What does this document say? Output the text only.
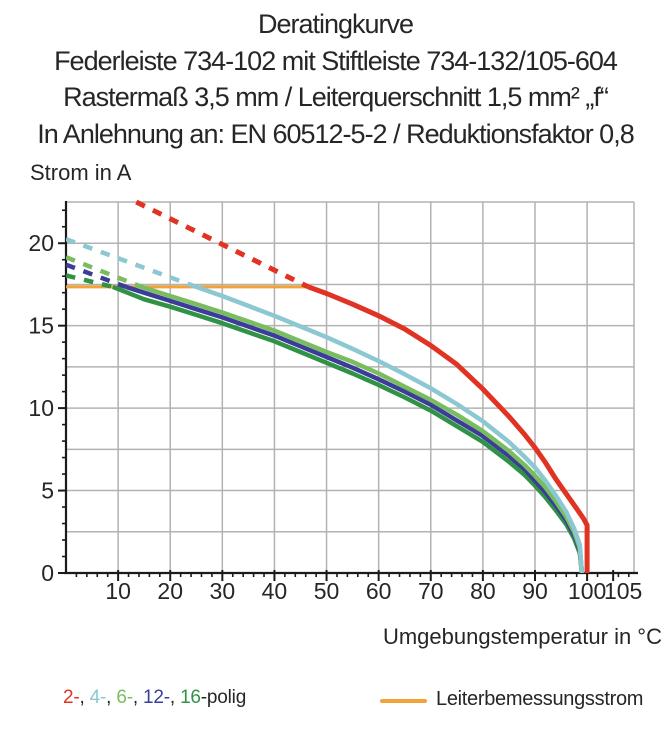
Deratingkurve
Federleiste 734-102 mit Stiftleiste 734-132/105-604
Rastermaß 3,5 mm / Leiterquerschnitt 1,5 mm² „f“
In Anlehnung an: EN 60512-5-2 / Reduktionsfaktor 0,8
Strom in A
10 20 30 40 50 60 70 80 90 100
105
0
5
10
15
20
Umgebungstemperatur in °C
2-, 4-, 6-, 12-, 16-polig	Leiterbemessungsstrom
